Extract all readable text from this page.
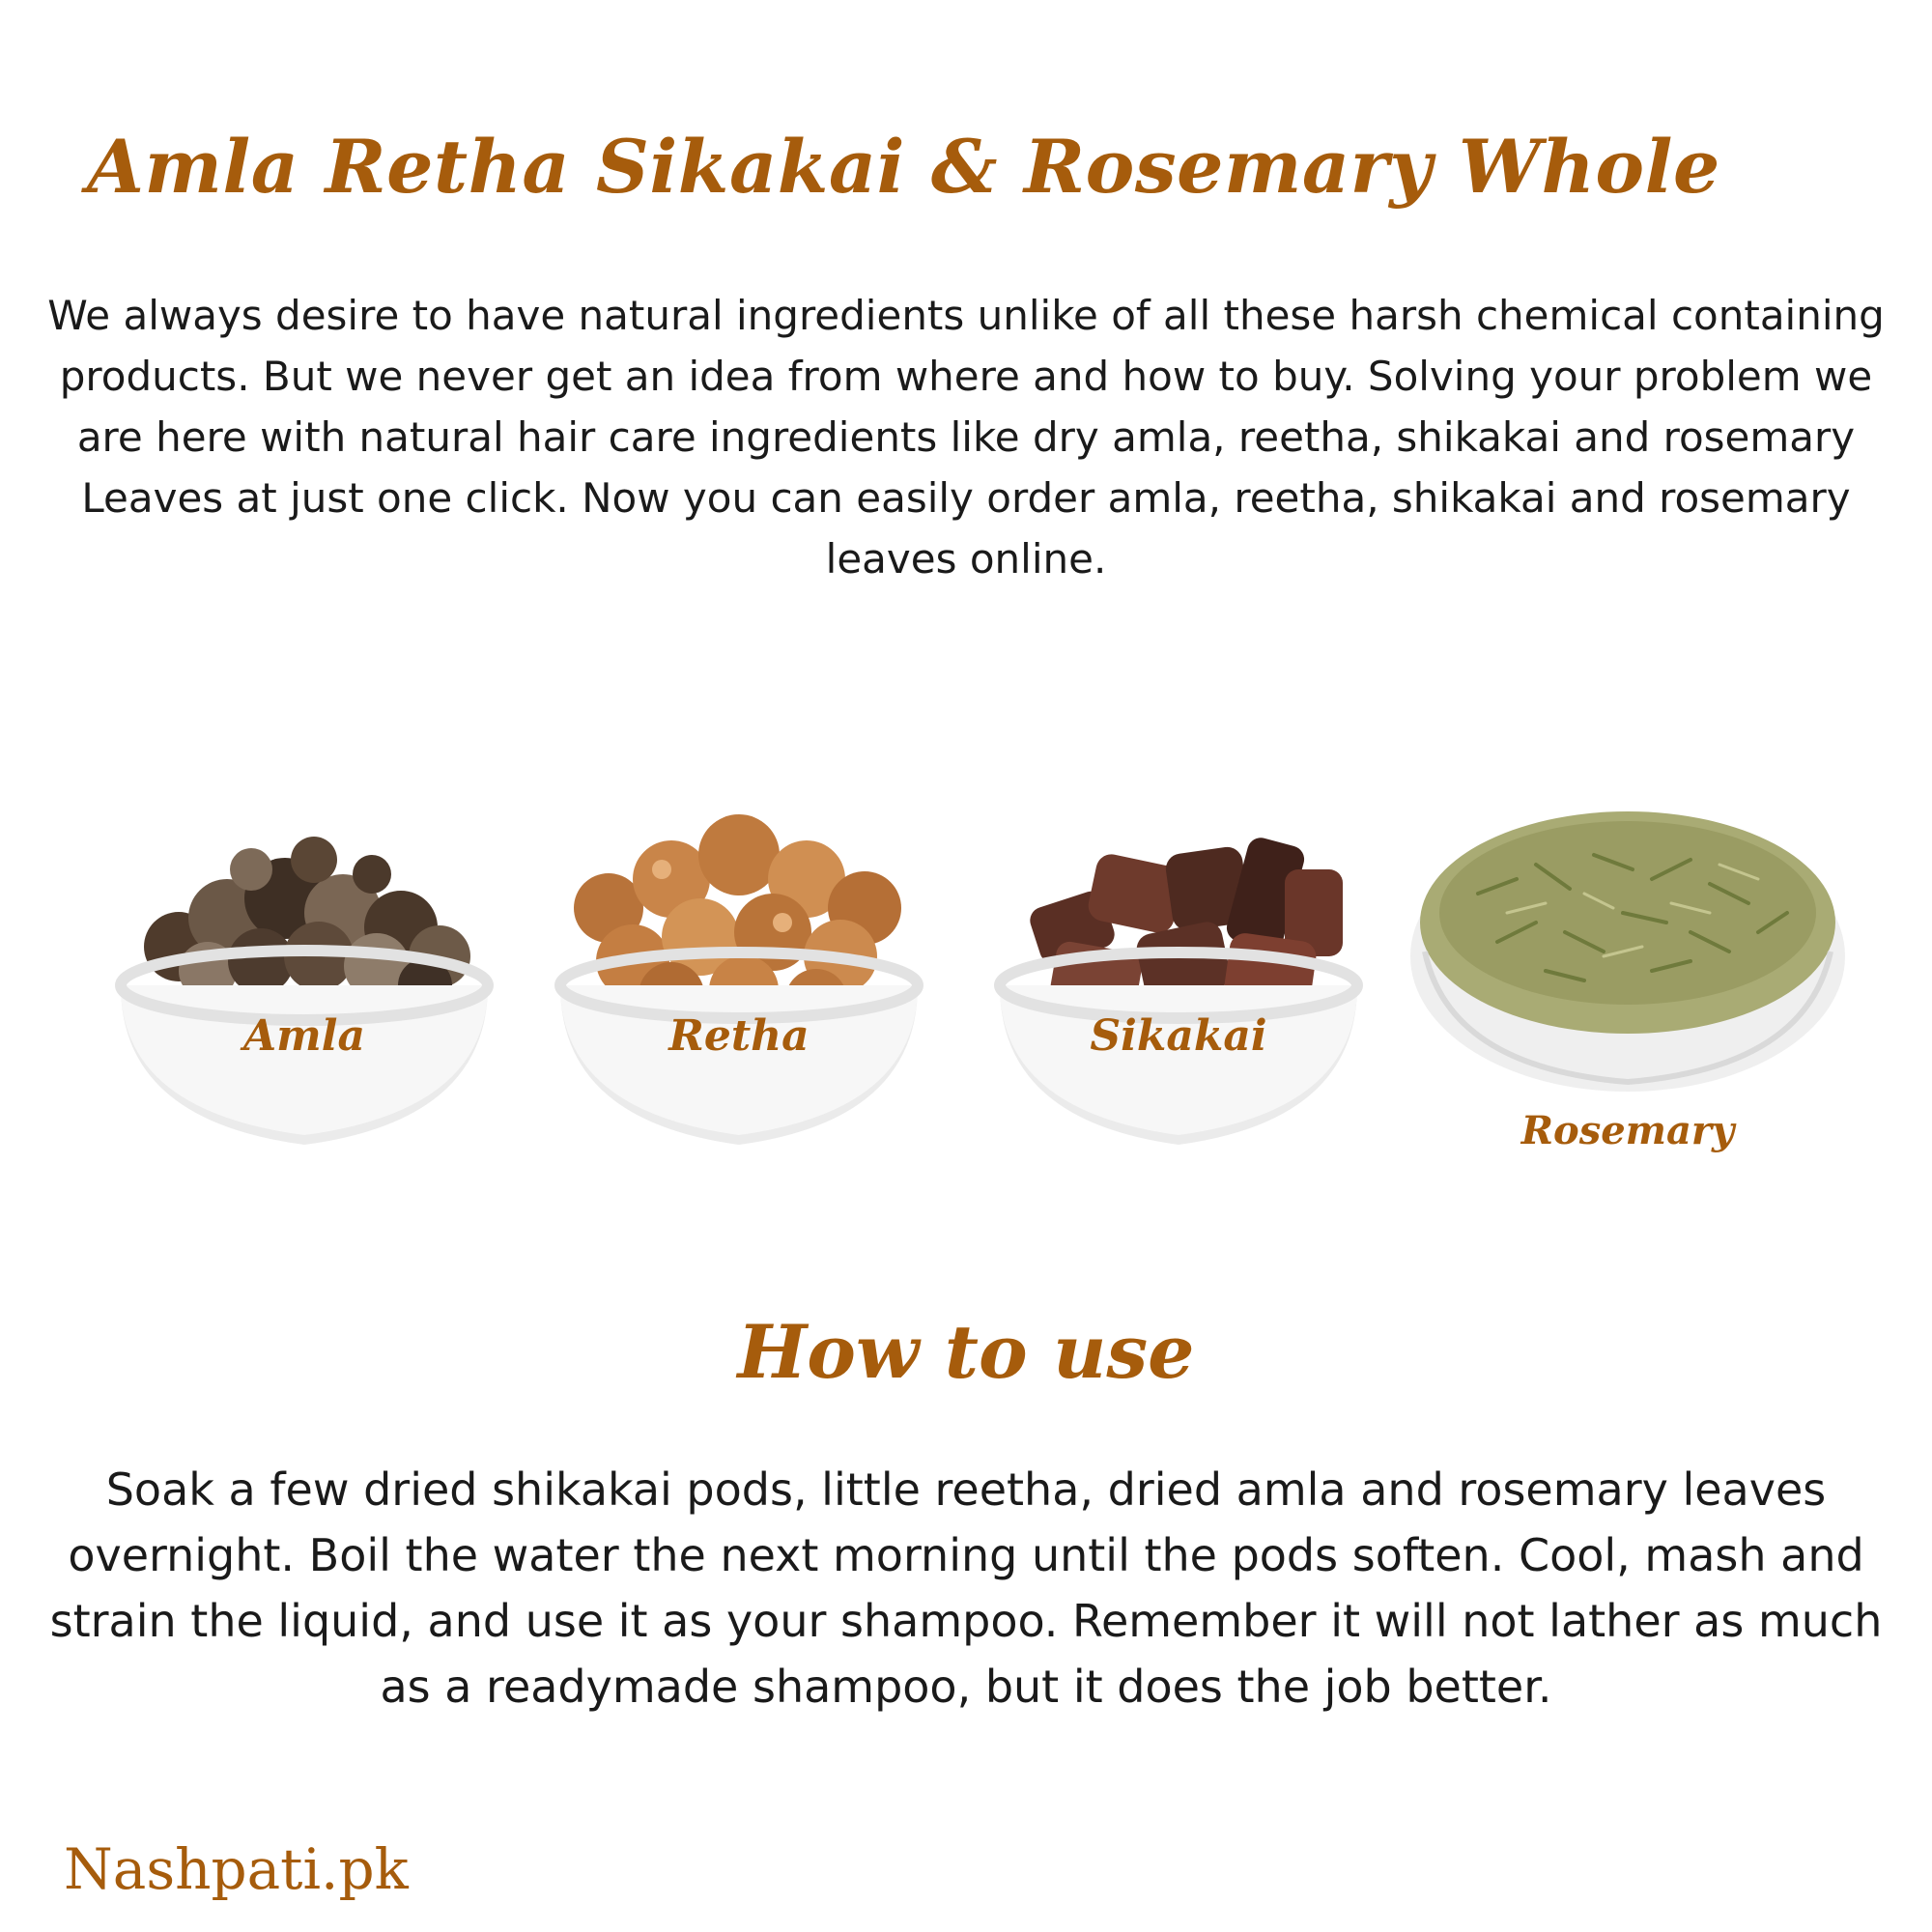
Amla Retha Sikakai & Rosemary Whole

We always desire to have natural ingredients unlike of all these harsh chemical containing products. But we never get an idea from where and how to buy. Solving your problem we are here with natural hair care ingredients like dry amla, reetha, shikakai and rosemary Leaves at just one click. Now you can easily order amla, reetha, shikakai and rosemary leaves online.

Amla	Retha	Sikakai
Rosemary
How to use

Soak a few dried shikakai pods, little reetha, dried amla and rosemary leaves overnight. Boil the water the next morning until the pods soften. Cool, mash and strain the liquid, and use it as your shampoo. Remember it will not lather as much as a readymade shampoo, but it does the job better.

Nashpati.pk
